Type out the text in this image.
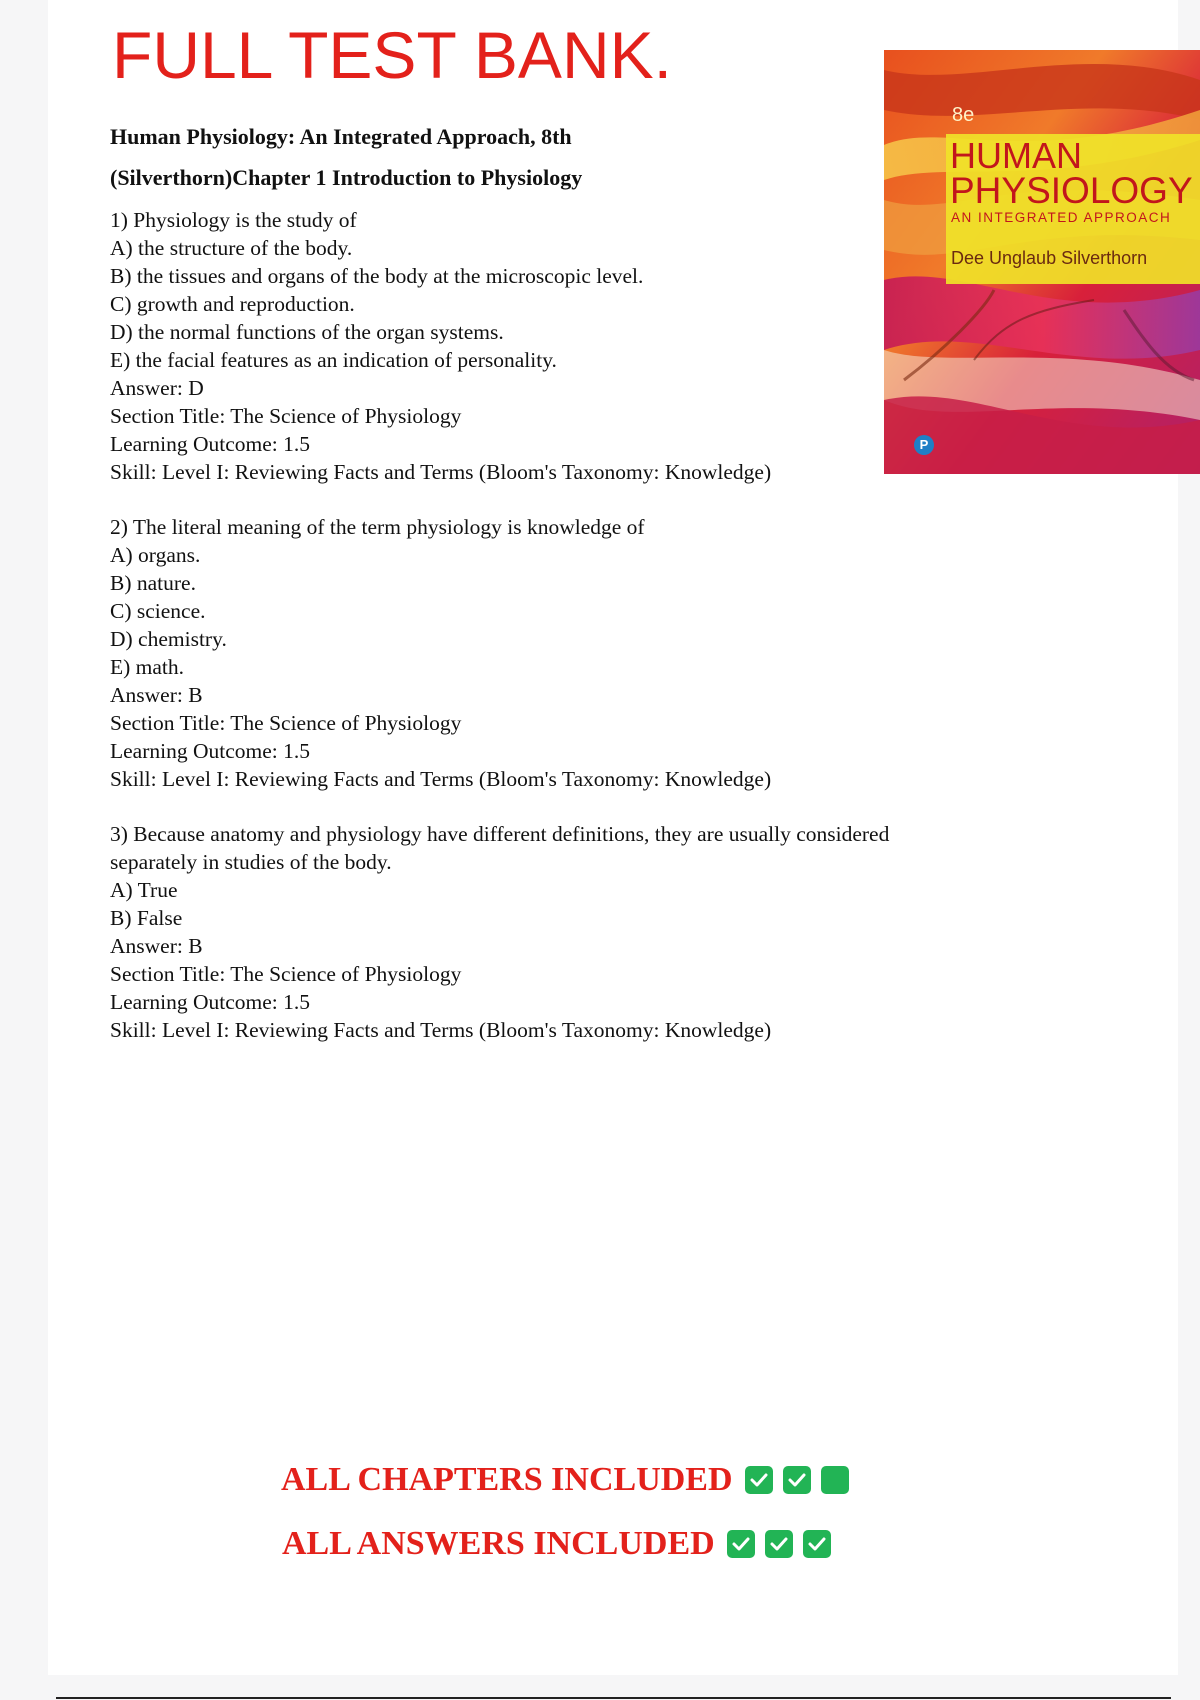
FULL TEST BANK.
Human Physiology: An Integrated Approach, 8th
(Silverthorn)Chapter 1 Introduction to Physiology
1) Physiology is the study of
A) the structure of the body.
B) the tissues and organs of the body at the microscopic level.
C) growth and reproduction.
D) the normal functions of the organ systems.
E) the facial features as an indication of personality.
Answer: D
Section Title: The Science of Physiology
Learning Outcome: 1.5
Skill: Level I: Reviewing Facts and Terms (Bloom's Taxonomy: Knowledge)
2) The literal meaning of the term physiology is knowledge of
A) organs.
B) nature.
C) science.
D) chemistry.
E) math.
Answer: B
Section Title: The Science of Physiology
Learning Outcome: 1.5
Skill: Level I: Reviewing Facts and Terms (Bloom's Taxonomy: Knowledge)
3) Because anatomy and physiology have different definitions, they are usually considered
separately in studies of the body.
A) True
B) False
Answer: B
Section Title: The Science of Physiology
Learning Outcome: 1.5
Skill: Level I: Reviewing Facts and Terms (Bloom's Taxonomy: Knowledge)
8e
HUMAN
PHYSIOLOGY
AN INTEGRATED APPROACH
Dee Unglaub Silverthorn
P
ALL CHAPTERS INCLUDED
ALL ANSWERS INCLUDED
